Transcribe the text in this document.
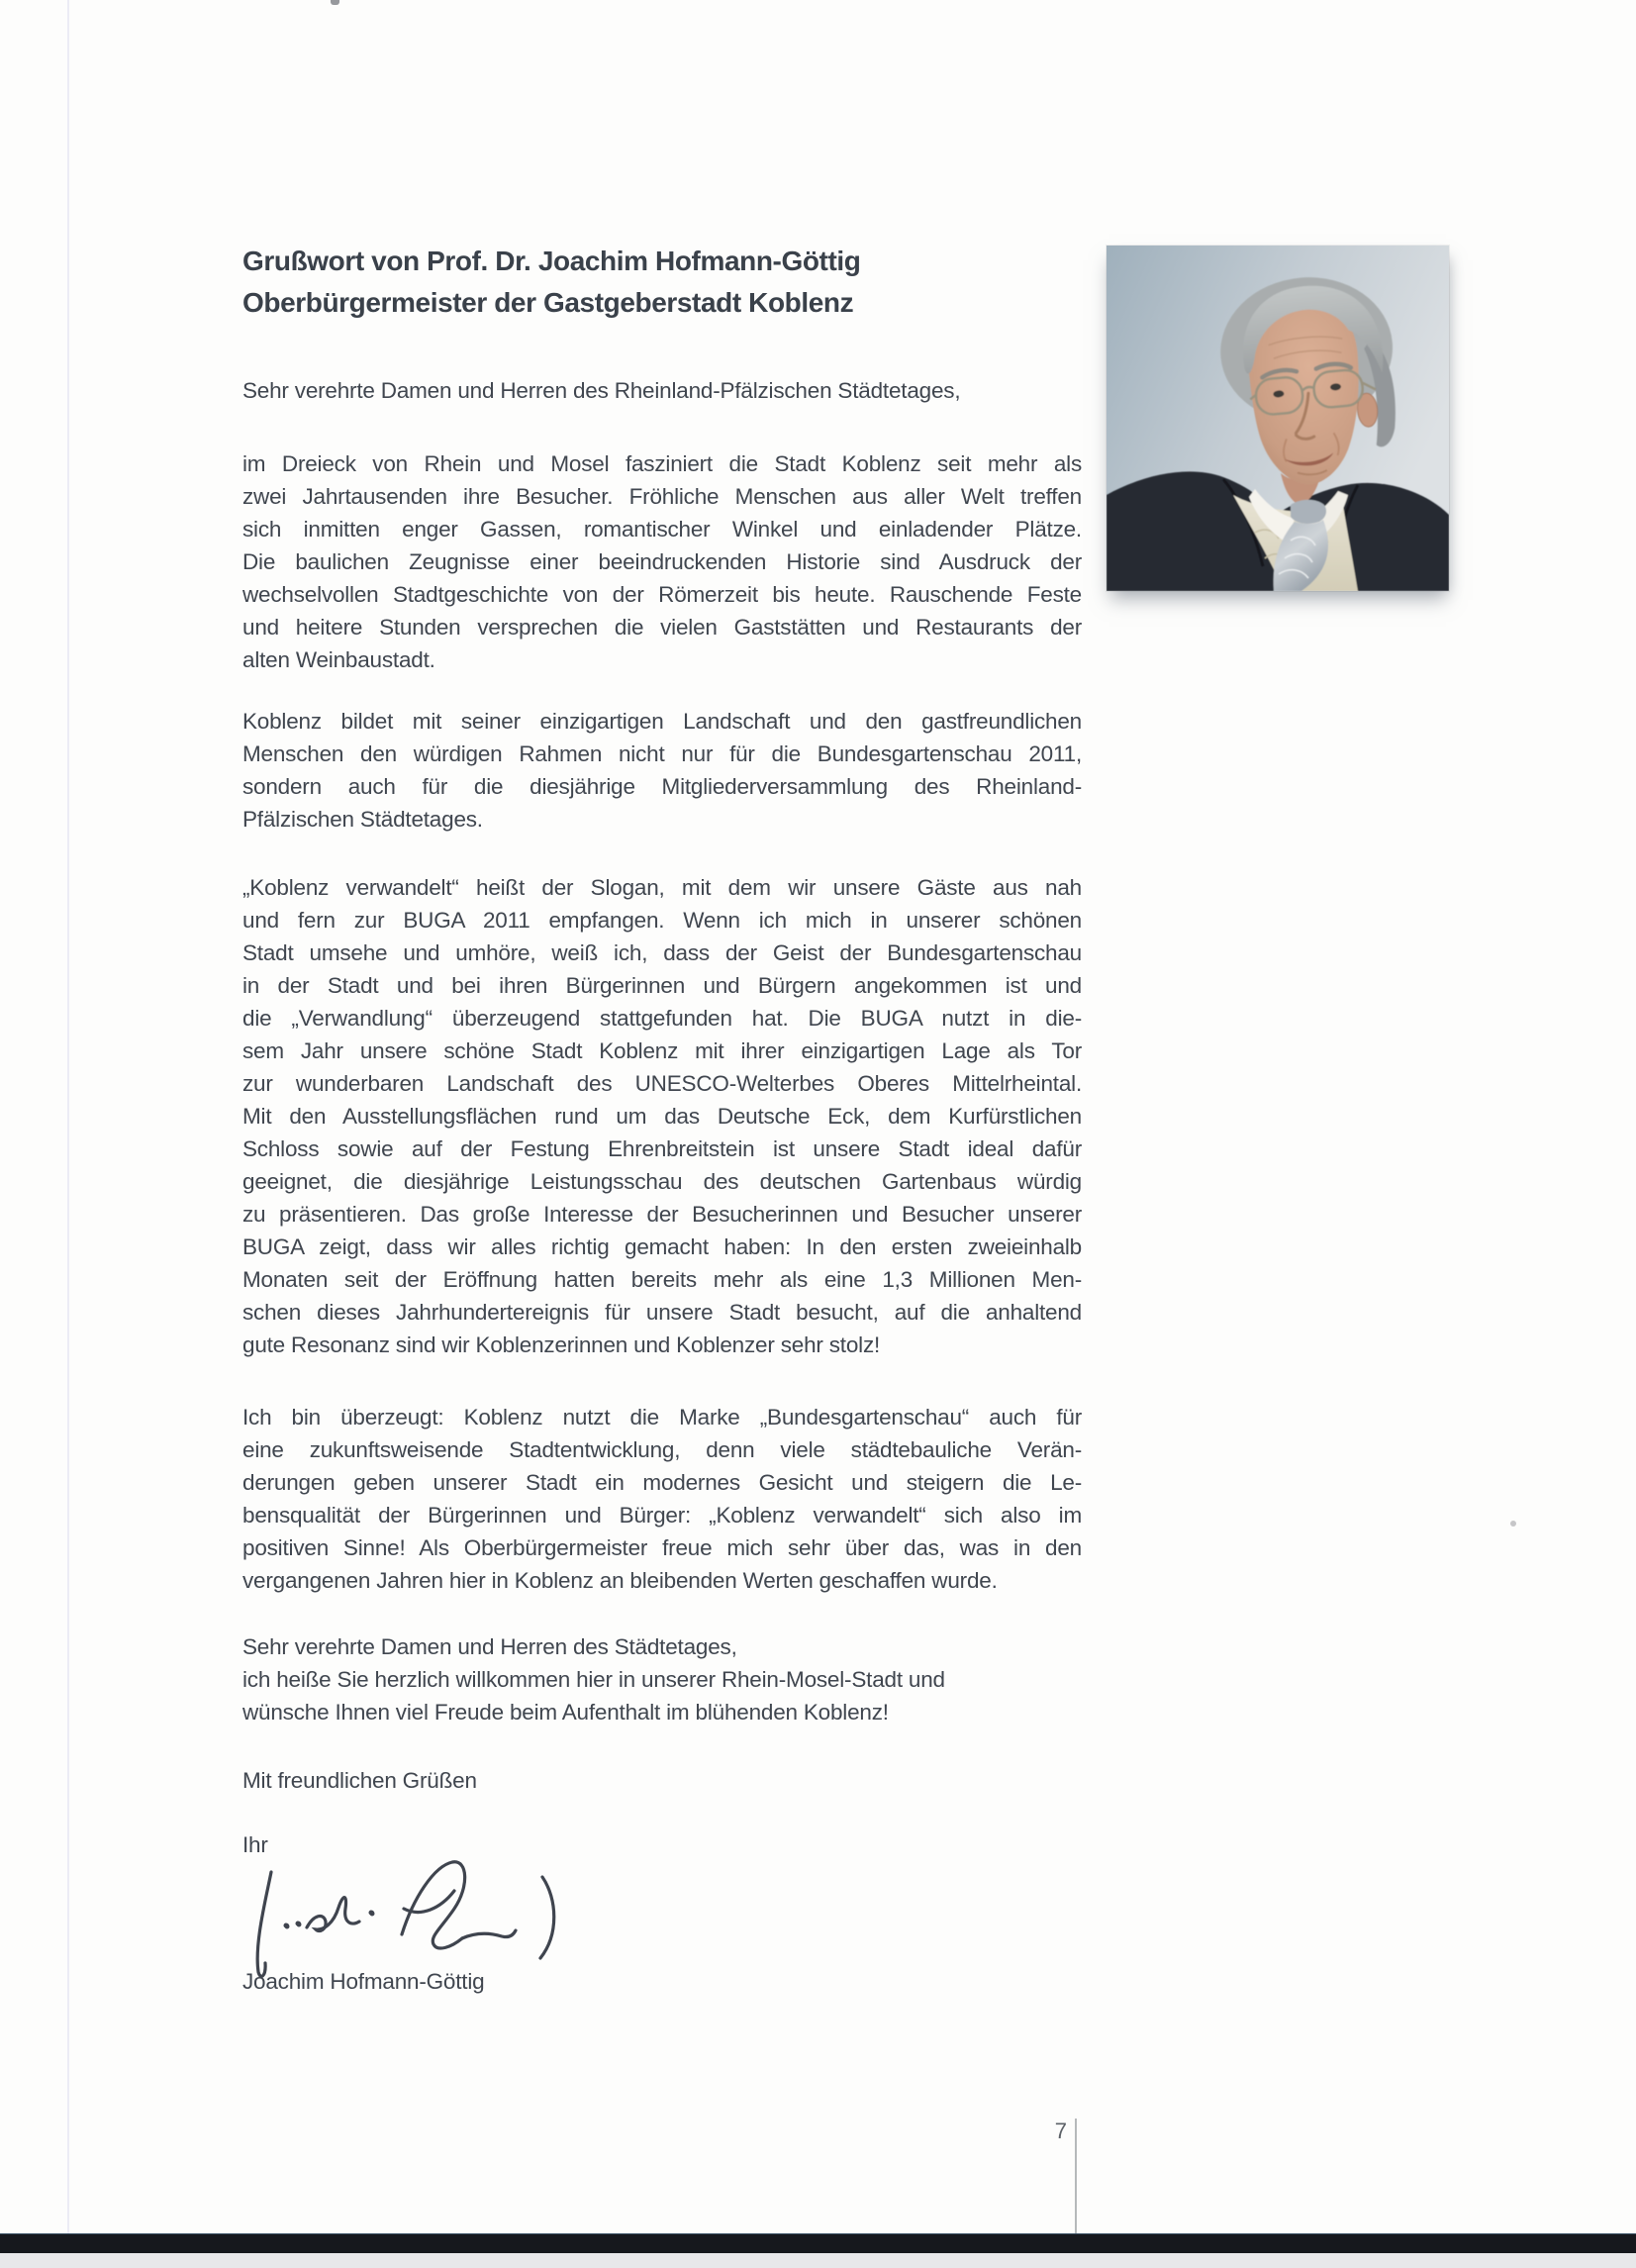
Grußwort von Prof. Dr. Joachim Hofmann-Göttig
Oberbürgermeister der Gastgeberstadt Koblenz
Sehr verehrte Damen und Herren des Rheinland-Pfälzischen Städtetages,
im Dreieck von Rhein und Mosel fasziniert die Stadt Koblenz seit mehr als
zwei Jahrtausenden ihre Besucher. Fröhliche Menschen aus aller Welt treffen
sich inmitten enger Gassen, romantischer Winkel und einladender Plätze.
Die baulichen Zeugnisse einer beeindruckenden Historie sind Ausdruck der
wechselvollen Stadtgeschichte von der Römerzeit bis heute. Rauschende Feste
und heitere Stunden versprechen die vielen Gaststätten und Restaurants der
alten Weinbaustadt.
Koblenz bildet mit seiner einzigartigen Landschaft und den gastfreundlichen
Menschen den würdigen Rahmen nicht nur für die Bundesgartenschau 2011,
sondern auch für die diesjährige Mitgliederversammlung des Rheinland-
Pfälzischen Städtetages.
„Koblenz verwandelt“ heißt der Slogan, mit dem wir unsere Gäste aus nah
und fern zur BUGA 2011 empfangen. Wenn ich mich in unserer schönen
Stadt umsehe und umhöre, weiß ich, dass der Geist der Bundesgartenschau
in der Stadt und bei ihren Bürgerinnen und Bürgern angekommen ist und
die „Verwandlung“ überzeugend stattgefunden hat. Die BUGA nutzt in die-
sem Jahr unsere schöne Stadt Koblenz mit ihrer einzigartigen Lage als Tor
zur wunderbaren Landschaft des UNESCO-Welterbes Oberes Mittelrheintal.
Mit den Ausstellungsflächen rund um das Deutsche Eck, dem Kurfürstlichen
Schloss sowie auf der Festung Ehrenbreitstein ist unsere Stadt ideal dafür
geeignet, die diesjährige Leistungsschau des deutschen Gartenbaus würdig
zu präsentieren. Das große Interesse der Besucherinnen und Besucher unserer
BUGA zeigt, dass wir alles richtig gemacht haben: In den ersten zweieinhalb
Monaten seit der Eröffnung hatten bereits mehr als eine 1,3 Millionen Men-
schen dieses Jahrhundertereignis für unsere Stadt besucht, auf die anhaltend
gute Resonanz sind wir Koblenzerinnen und Koblenzer sehr stolz!
Ich bin überzeugt: Koblenz nutzt die Marke „Bundesgartenschau“ auch für
eine zukunftsweisende Stadtentwicklung, denn viele städtebauliche Verän-
derungen geben unserer Stadt ein modernes Gesicht und steigern die Le-
bensqualität der Bürgerinnen und Bürger: „Koblenz verwandelt“ sich also im
positiven Sinne! Als Oberbürgermeister freue mich sehr über das, was in den
vergangenen Jahren hier in Koblenz an bleibenden Werten geschaffen wurde.
Sehr verehrte Damen und Herren des Städtetages,
ich heiße Sie herzlich willkommen hier in unserer Rhein-Mosel-Stadt und
wünsche Ihnen viel Freude beim Aufenthalt im blühenden Koblenz!
Mit freundlichen Grüßen
Ihr
Joachim Hofmann-Göttig
7
